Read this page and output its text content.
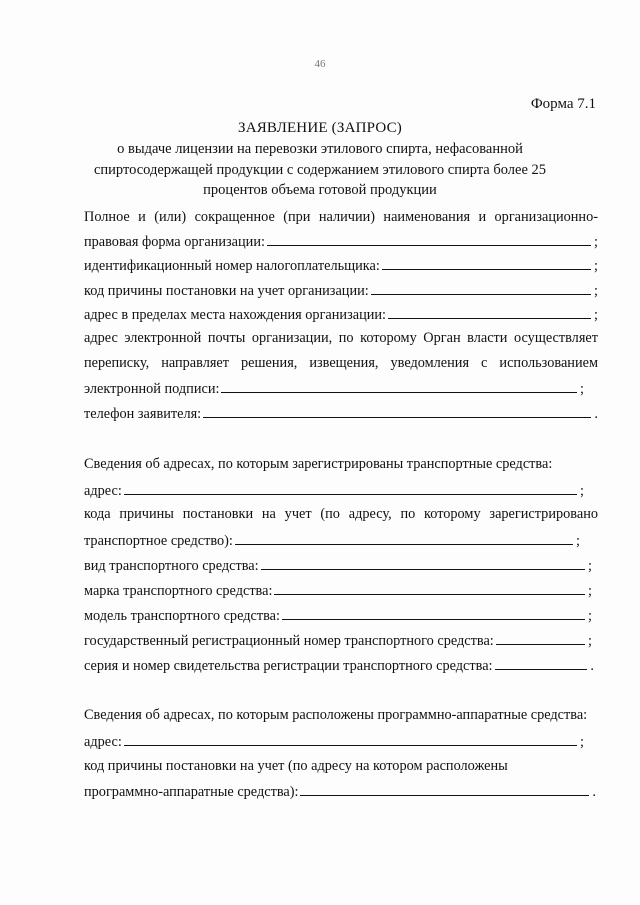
46
Форма 7.1
ЗАЯВЛЕНИЕ (ЗАПРОС)
о выдаче лицензии на перевозки этилового спирта, нефасованной
спиртосодержащей продукции с содержанием этилового спирта более 25
процентов объема готовой продукции
Полное и (или) сокращенное (при наличии) наименования и организационно-
правовая форма организации:	;
идентификационный номер налогоплательщика:	;
код причины постановки на учет организации:	;
адрес в пределах места нахождения организации:	;
адрес электронной почты организации, по которому Орган власти осуществляет
переписку, направляет решения, извещения, уведомления с использованием
электронной подписи:	;
телефон заявителя:	.
Сведения об адресах, по которым зарегистрированы транспортные средства:
адрес:	;
кода причины постановки на учет (по адресу, по которому зарегистрировано
транспортное средство):	;
вид транспортного средства:	;
марка транспортного средства:	;
модель транспортного средства:	;
государственный регистрационный номер транспортного средства:	;
серия и номер свидетельства регистрации транспортного средства:	.
Сведения об адресах, по которым расположены программно-аппаратные средства:
адрес:	;
код причины постановки на учет (по адресу на котором расположены
программно-аппаратные средства):	.
